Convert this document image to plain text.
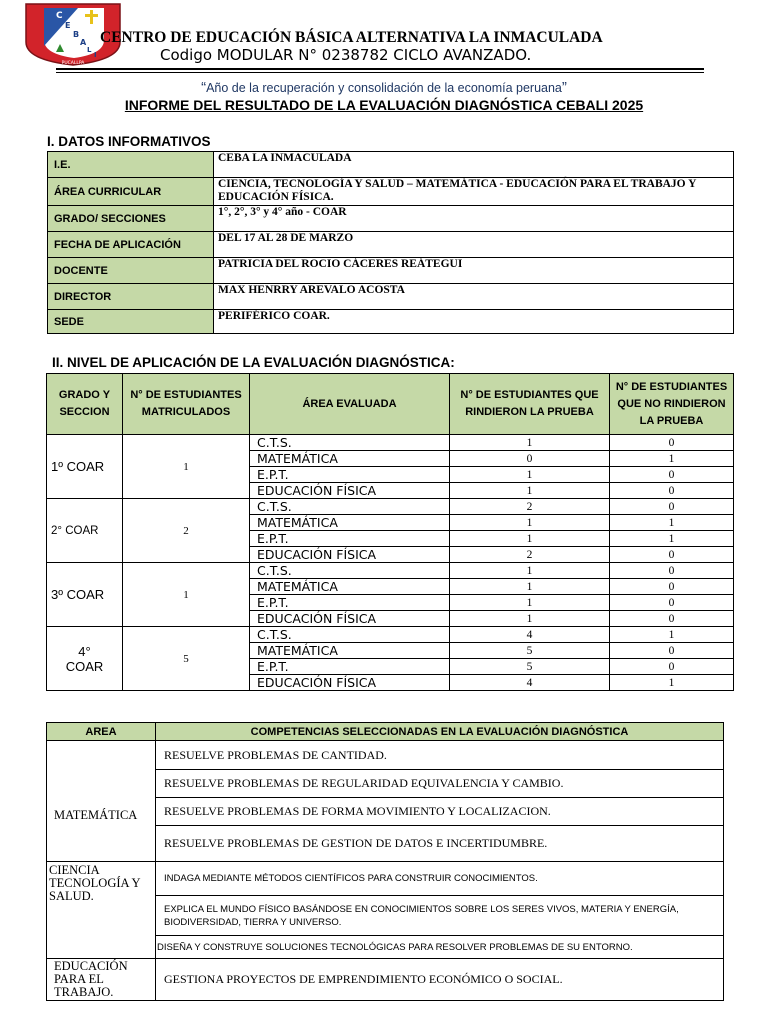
C
E
B
A
L
I
PUCALLPA
CENTRO DE EDUCACIÓN BÁSICA ALTERNATIVA LA INMACULADA
Codigo MODULAR N° 0238782 CICLO AVANZADO.
“Año de la recuperación y consolidación de la economía peruana”
INFORME DEL RESULTADO DE LA EVALUACIÓN DIAGNÓSTICA CEBALI 2025
I. DATOS INFORMATIVOS
I.E.	CEBA LA INMACULADA
ÁREA CURRICULAR	CIENCIA, TECNOLOGÍA Y SALUD – MATEMÁTICA - EDUCACIÓN PARA EL TRABAJO Y EDUCACIÓN FÍSICA.
GRADO/ SECCIONES	1°, 2°, 3° y 4° año - COAR
FECHA DE APLICACIÓN	DEL 17 AL 28 DE MARZO
DOCENTE	PATRICIA DEL ROCIO CÁCERES REÁTEGUI
DIRECTOR	MAX HENRRY AREVALO ACOSTA
SEDE	PERIFÉRICO COAR.
II. NIVEL DE APLICACIÓN DE LA EVALUACIÓN DIAGNÓSTICA:
GRADO Y SECCION	N° DE ESTUDIANTES MATRICULADOS	ÁREA EVALUADA	N° DE ESTUDIANTES QUE RINDIERON LA PRUEBA	N° DE ESTUDIANTES QUE NO RINDIERON LA PRUEBA
1º COAR	1	C.T.S.	1	0
		MATEMÁTICA	0	1
		E.P.T.	1	0
		EDUCACIÓN FÍSICA	1	0
2° COAR	2	C.T.S.	2	0
		MATEMÁTICA	1	1
		E.P.T.	1	1
		EDUCACIÓN FÍSICA	2	0
3º COAR	1	C.T.S.	1	0
		MATEMÁTICA	1	0
		E.P.T.	1	0
		EDUCACIÓN FÍSICA	1	0
4° COAR	5	C.T.S.	4	1
		MATEMÁTICA	5	0
		E.P.T.	5	0
		EDUCACIÓN FÍSICA	4	1
AREA	COMPETENCIAS SELECCIONADAS EN LA EVALUACIÓN DIAGNÓSTICA
MATEMÁTICA	RESUELVE PROBLEMAS DE CANTIDAD.
	RESUELVE PROBLEMAS DE REGULARIDAD EQUIVALENCIA Y CAMBIO.
	RESUELVE PROBLEMAS DE FORMA MOVIMIENTO Y LOCALIZACION.
	RESUELVE PROBLEMAS DE GESTION DE DATOS E INCERTIDUMBRE.
CIENCIA TECNOLOGÍA Y SALUD.	INDAGA MEDIANTE MÉTODOS CIENTÍFICOS PARA CONSTRUIR CONOCIMIENTOS.
	EXPLICA EL MUNDO FÍSICO BASÁNDOSE EN CONOCIMIENTOS SOBRE LOS SERES VIVOS, MATERIA Y ENERGÍA, BIODIVERSIDAD, TIERRA Y UNIVERSO.
	DISEÑA Y CONSTRUYE SOLUCIONES TECNOLÓGICAS PARA RESOLVER PROBLEMAS DE SU ENTORNO.
EDUCACIÓN PARA EL TRABAJO.	GESTIONA PROYECTOS DE EMPRENDIMIENTO ECONÓMICO O SOCIAL.
